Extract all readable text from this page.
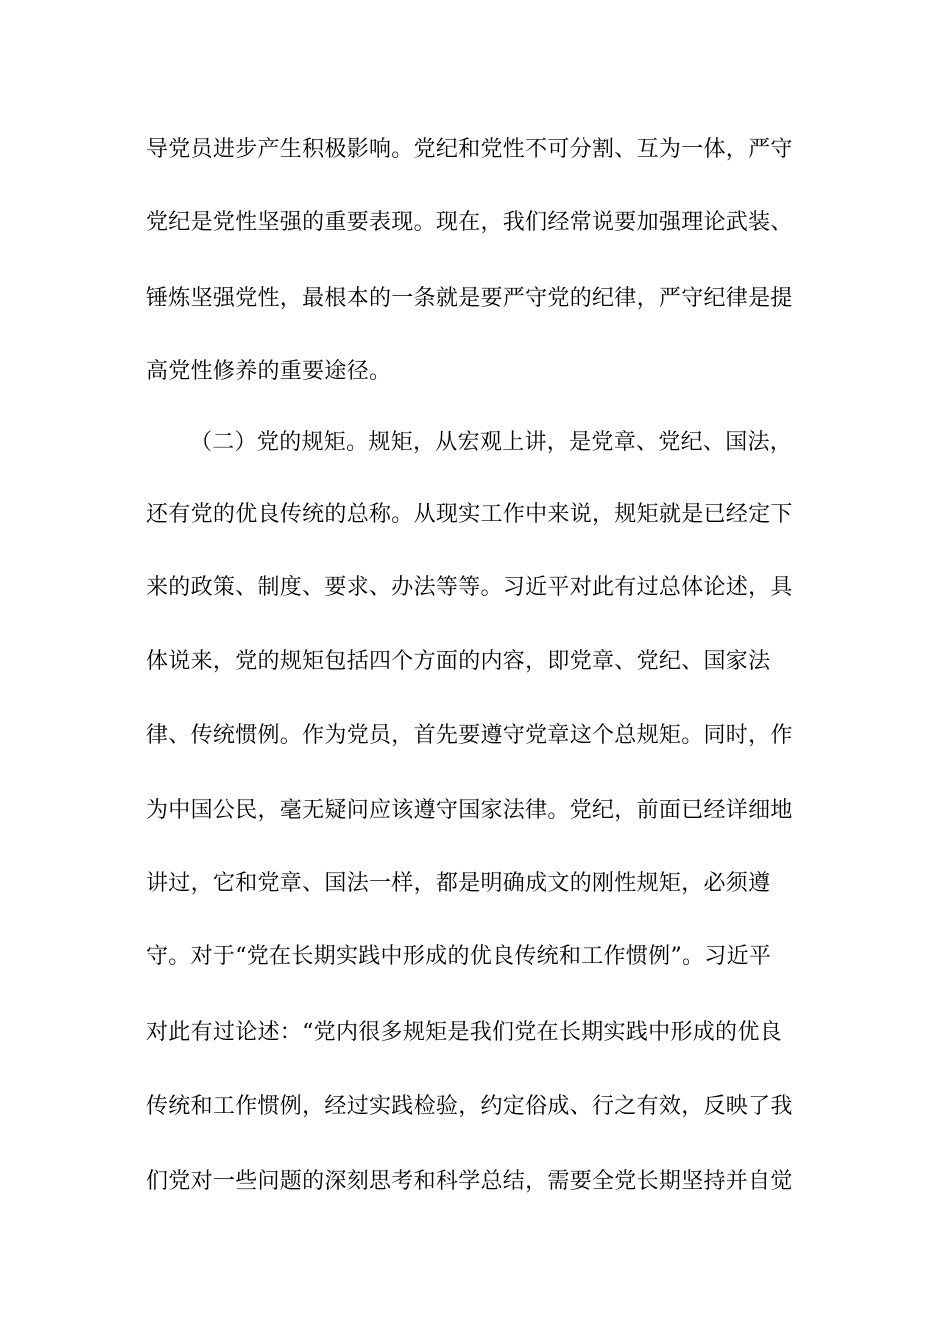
导党员进步产生积极影响。党纪和党性不可分割、互为一体，严守
党纪是党性坚强的重要表现。现在，我们经常说要加强理论武装、
锤炼坚强党性，最根本的一条就是要严守党的纪律，严守纪律是提
高党性修养的重要途径。
（二）党的规矩。规矩，从宏观上讲，是党章、党纪、国法，
还有党的优良传统的总称。从现实工作中来说，规矩就是已经定下
来的政策、制度、要求、办法等等。习近平对此有过总体论述，具
体说来，党的规矩包括四个方面的内容，即党章、党纪、国家法
律、传统惯例。作为党员，首先要遵守党章这个总规矩。同时，作
为中国公民，毫无疑问应该遵守国家法律。党纪，前面已经详细地
讲过，它和党章、国法一样，都是明确成文的刚性规矩，必须遵
守。对于“党在长期实践中形成的优良传统和工作惯例”。习近平
对此有过论述：“党内很多规矩是我们党在长期实践中形成的优良
传统和工作惯例，经过实践检验，约定俗成、行之有效，反映了我
们党对一些问题的深刻思考和科学总结，需要全党长期坚持并自觉
